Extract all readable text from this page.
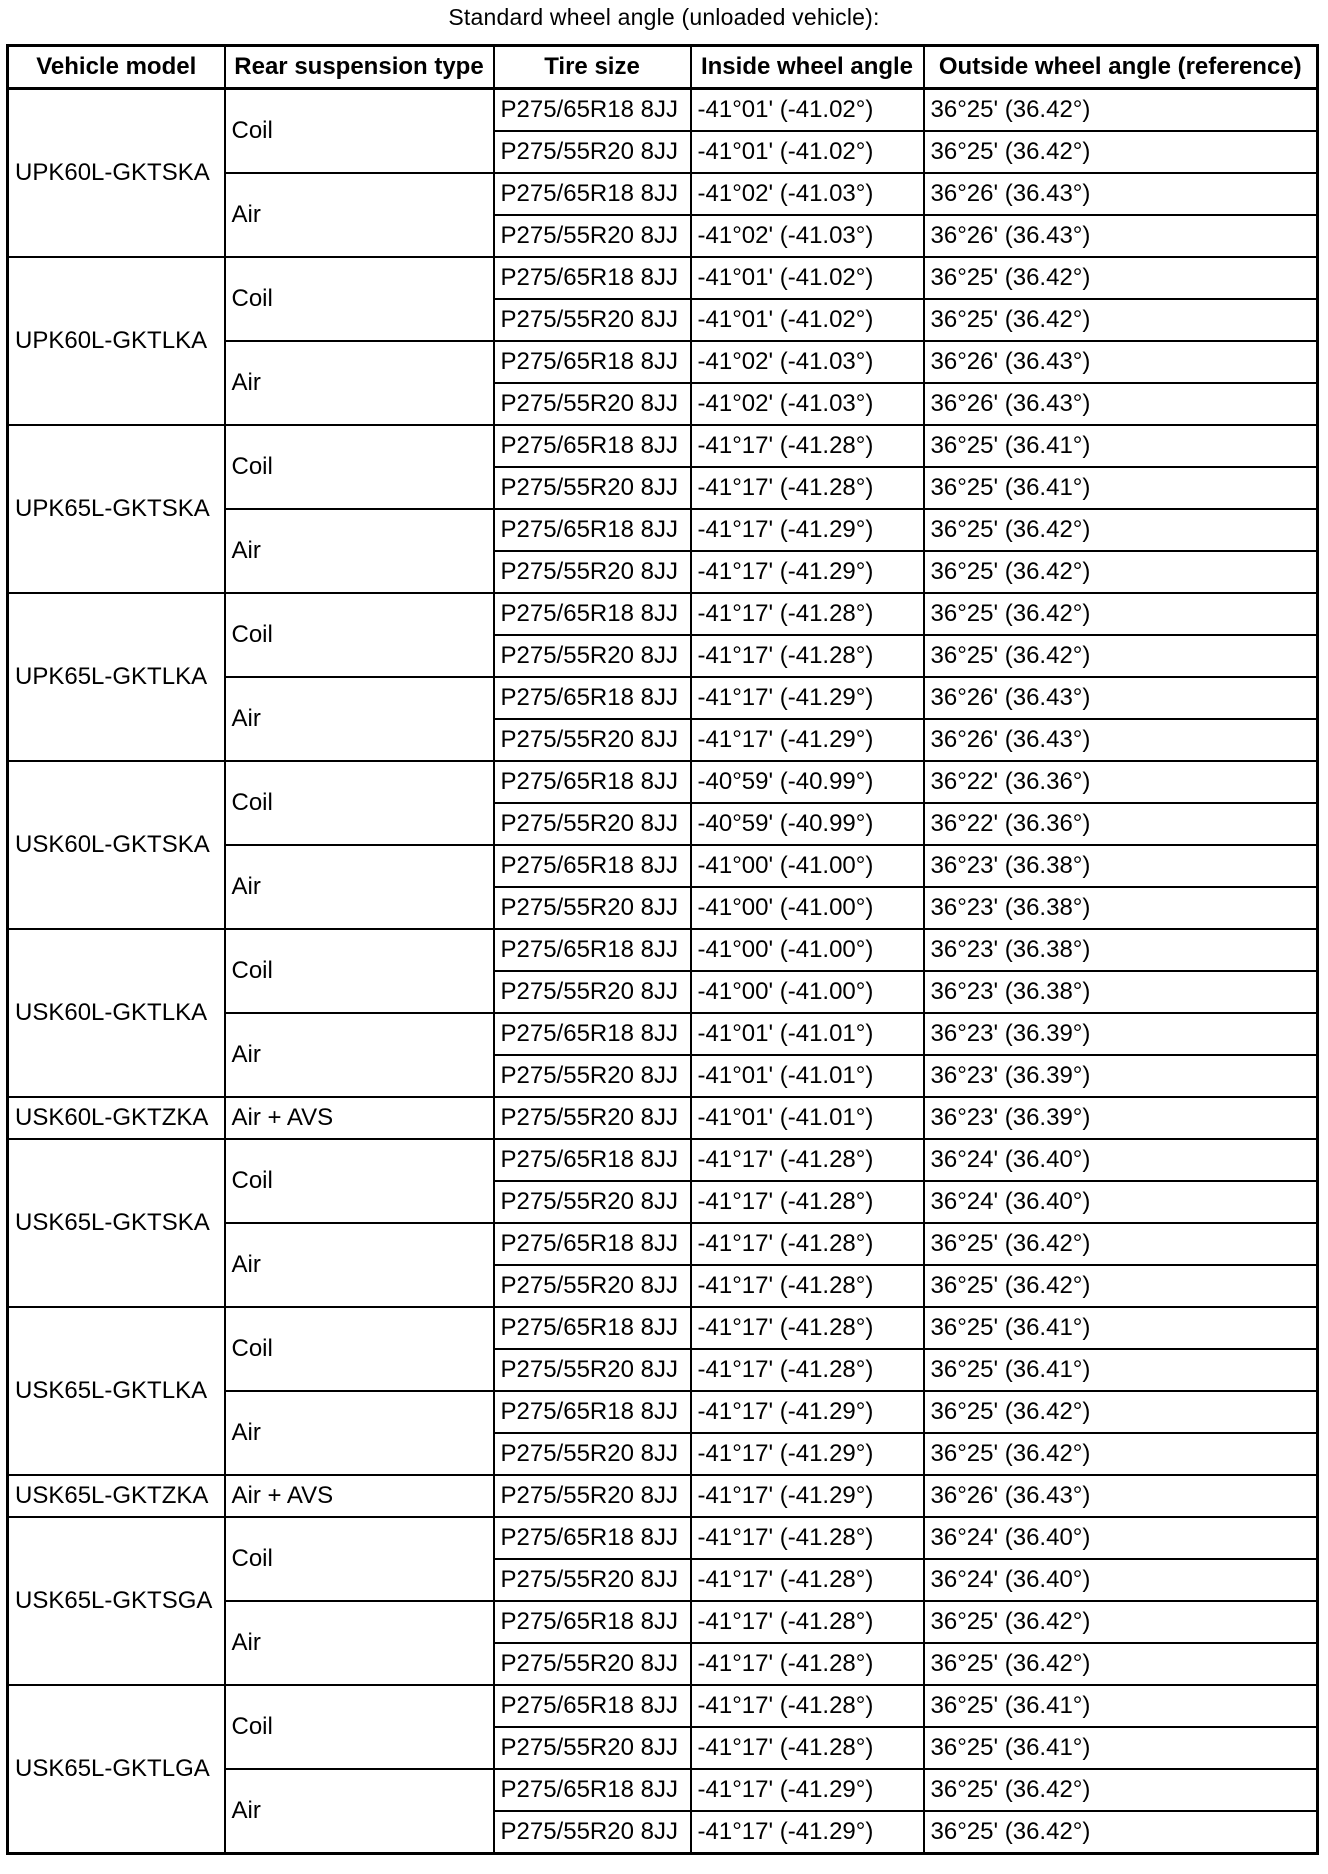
Standard wheel angle (unloaded vehicle):
Vehicle model	Rear suspension type	Tire size	Inside wheel angle	Outside wheel angle (reference)
UPK60L-GKTSKA	Coil	P275/65R18 8JJ	-41°01' (-41.02°)	36°25' (36.42°)
		P275/55R20 8JJ	-41°01' (-41.02°)	36°25' (36.42°)
	Air	P275/65R18 8JJ	-41°02' (-41.03°)	36°26' (36.43°)
		P275/55R20 8JJ	-41°02' (-41.03°)	36°26' (36.43°)
UPK60L-GKTLKA	Coil	P275/65R18 8JJ	-41°01' (-41.02°)	36°25' (36.42°)
		P275/55R20 8JJ	-41°01' (-41.02°)	36°25' (36.42°)
	Air	P275/65R18 8JJ	-41°02' (-41.03°)	36°26' (36.43°)
		P275/55R20 8JJ	-41°02' (-41.03°)	36°26' (36.43°)
UPK65L-GKTSKA	Coil	P275/65R18 8JJ	-41°17' (-41.28°)	36°25' (36.41°)
		P275/55R20 8JJ	-41°17' (-41.28°)	36°25' (36.41°)
	Air	P275/65R18 8JJ	-41°17' (-41.29°)	36°25' (36.42°)
		P275/55R20 8JJ	-41°17' (-41.29°)	36°25' (36.42°)
UPK65L-GKTLKA	Coil	P275/65R18 8JJ	-41°17' (-41.28°)	36°25' (36.42°)
		P275/55R20 8JJ	-41°17' (-41.28°)	36°25' (36.42°)
	Air	P275/65R18 8JJ	-41°17' (-41.29°)	36°26' (36.43°)
		P275/55R20 8JJ	-41°17' (-41.29°)	36°26' (36.43°)
USK60L-GKTSKA	Coil	P275/65R18 8JJ	-40°59' (-40.99°)	36°22' (36.36°)
		P275/55R20 8JJ	-40°59' (-40.99°)	36°22' (36.36°)
	Air	P275/65R18 8JJ	-41°00' (-41.00°)	36°23' (36.38°)
		P275/55R20 8JJ	-41°00' (-41.00°)	36°23' (36.38°)
USK60L-GKTLKA	Coil	P275/65R18 8JJ	-41°00' (-41.00°)	36°23' (36.38°)
		P275/55R20 8JJ	-41°00' (-41.00°)	36°23' (36.38°)
	Air	P275/65R18 8JJ	-41°01' (-41.01°)	36°23' (36.39°)
		P275/55R20 8JJ	-41°01' (-41.01°)	36°23' (36.39°)
USK60L-GKTZKA	Air + AVS	P275/55R20 8JJ	-41°01' (-41.01°)	36°23' (36.39°)
USK65L-GKTSKA	Coil	P275/65R18 8JJ	-41°17' (-41.28°)	36°24' (36.40°)
		P275/55R20 8JJ	-41°17' (-41.28°)	36°24' (36.40°)
	Air	P275/65R18 8JJ	-41°17' (-41.28°)	36°25' (36.42°)
		P275/55R20 8JJ	-41°17' (-41.28°)	36°25' (36.42°)
USK65L-GKTLKA	Coil	P275/65R18 8JJ	-41°17' (-41.28°)	36°25' (36.41°)
		P275/55R20 8JJ	-41°17' (-41.28°)	36°25' (36.41°)
	Air	P275/65R18 8JJ	-41°17' (-41.29°)	36°25' (36.42°)
		P275/55R20 8JJ	-41°17' (-41.29°)	36°25' (36.42°)
USK65L-GKTZKA	Air + AVS	P275/55R20 8JJ	-41°17' (-41.29°)	36°26' (36.43°)
USK65L-GKTSGA	Coil	P275/65R18 8JJ	-41°17' (-41.28°)	36°24' (36.40°)
		P275/55R20 8JJ	-41°17' (-41.28°)	36°24' (36.40°)
	Air	P275/65R18 8JJ	-41°17' (-41.28°)	36°25' (36.42°)
		P275/55R20 8JJ	-41°17' (-41.28°)	36°25' (36.42°)
USK65L-GKTLGA	Coil	P275/65R18 8JJ	-41°17' (-41.28°)	36°25' (36.41°)
		P275/55R20 8JJ	-41°17' (-41.28°)	36°25' (36.41°)
	Air	P275/65R18 8JJ	-41°17' (-41.29°)	36°25' (36.42°)
		P275/55R20 8JJ	-41°17' (-41.29°)	36°25' (36.42°)
